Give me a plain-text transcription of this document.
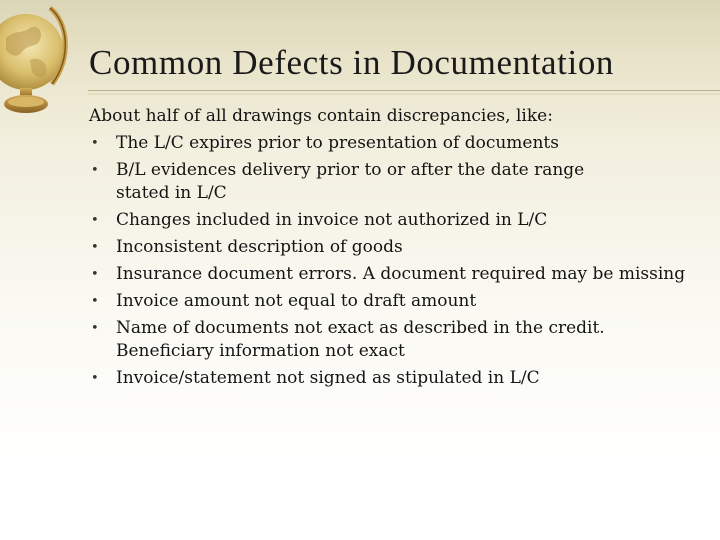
Common Defects in Documentation

About half of all drawings contain discrepancies, like:

• The L/C expires prior to presentation of documents
• B/L evidences delivery prior to or after the date range stated in L/C
• Changes included in invoice not authorized in L/C
• Inconsistent description of goods
• Insurance document errors. A document required may be missing
• Invoice amount not equal to draft amount
• Name of documents not exact as described in the credit. Beneficiary information not exact
• Invoice/statement not signed as stipulated in L/C
